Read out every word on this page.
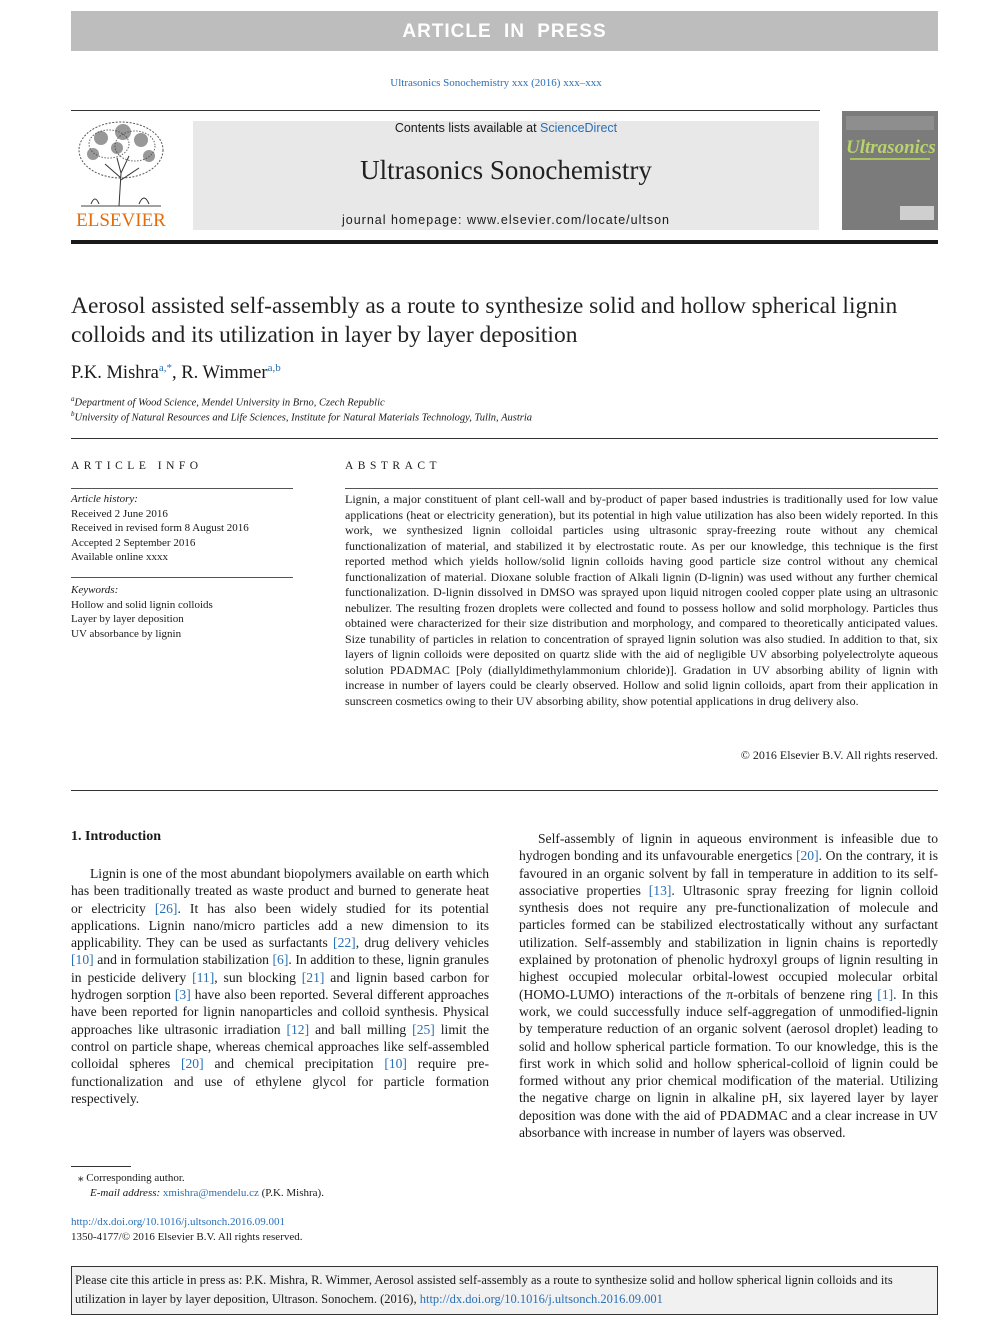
ARTICLE IN PRESS
Ultrasonics Sonochemistry xxx (2016) xxx–xxx
ELSEVIER
Contents lists available at ScienceDirect
Ultrasonics Sonochemistry
journal homepage: www.elsevier.com/locate/ultson
Ultrasonics
Aerosol assisted self-assembly as a route to synthesize solid and hollow spherical lignin colloids and its utilization in layer by layer deposition
P.K. Mishra$^{a,*}$, R. Wimmer$^{a,b}$
$^a$Department of Wood Science, Mendel University in Brno, Czech Republic
$^b$University of Natural Resources and Life Sciences, Institute for Natural Materials Technology, Tulln, Austria
ARTICLE INFO	ABSTRACT
Article history:
Received 2 June 2016
Received in revised form 8 August 2016
Accepted 2 September 2016
Available online xxxx
Keywords:
Hollow and solid lignin colloids
Layer by layer deposition
UV absorbance by lignin
Lignin, a major constituent of plant cell-wall and by-product of paper based industries is traditionally used for low value applications (heat or electricity generation), but its potential in high value utilization has also been widely reported. In this work, we synthesized lignin colloidal particles using ultrasonic spray-freezing route without any chemical functionalization of material, and stabilized it by electrostatic route. As per our knowledge, this technique is the first reported method which yields hollow/solid lignin colloids having good particle size control without any chemical functionalization of material. Dioxane soluble fraction of Alkali lignin (D-lignin) was used without any further chemical functionalization. D-lignin dissolved in DMSO was sprayed upon liquid nitrogen cooled copper plate using an ultrasonic nebulizer. The resulting frozen droplets were collected and found to possess hollow and solid morphology. Particles thus obtained were characterized for their size distribution and morphology, and compared to theoretically anticipated values. Size tunability of particles in relation to concentration of sprayed lignin solution was also studied. In addition to that, six layers of lignin colloids were deposited on quartz slide with the aid of negligible UV absorbing polyelectrolyte aqueous solution PDADMAC [Poly (diallyldimethylammonium chloride)]. Gradation in UV absorbing ability of lignin with increase in number of layers could be clearly observed. Hollow and solid lignin colloids, apart from their application in sunscreen cosmetics owing to their UV absorbing ability, show potential applications in drug delivery also.
© 2016 Elsevier B.V. All rights reserved.
1. Introduction

Lignin is one of the most abundant biopolymers available on earth which has been traditionally treated as waste product and burned to generate heat or electricity [26]. It has also been widely studied for its potential applications. Lignin nano/micro particles add a new dimension to its applicability. They can be used as surfactants [22], drug delivery vehicles [10] and in formulation stabilization [6]. In addition to these, lignin granules in pesticide delivery [11], sun blocking [21] and lignin based carbon for hydrogen sorption [3] have also been reported. Several different approaches have been reported for lignin nanoparticles and colloid synthesis. Physical approaches like ultrasonic irradiation [12] and ball milling [25] limit the control on particle shape, whereas chemical approaches like self-assembled colloidal spheres [20] and chemical precipitation [10] require pre-functionalization and use of ethylene glycol for particle formation respectively.

Self-assembly of lignin in aqueous environment is infeasible due to hydrogen bonding and its unfavourable energetics [20]. On the contrary, it is favoured in an organic solvent by fall in temperature in addition to its self-associative properties [13]. Ultrasonic spray freezing for lignin colloid synthesis does not require any pre-functionalization of molecule and particles formed can be stabilized electrostatically without any surfactant utilization. Self-assembly and stabilization in lignin chains is reportedly explained by protonation of phenolic hydroxyl groups of lignin resulting in highest occupied molecular orbital-lowest occupied molecular orbital (HOMO-LUMO) interactions of the π-orbitals of benzene ring [1]. In this work, we could successfully induce self-aggregation of unmodified-lignin by temperature reduction of an organic solvent (aerosol droplet) leading to solid and hollow spherical particle formation. To our knowledge, this is the first work in which solid and hollow spherical-colloid of lignin could be formed without any prior chemical modification of the material. Utilizing the negative charge on lignin in alkaline pH, six layered layer by layer deposition was done with the aid of PDADMAC and a clear increase in UV absorbance with increase in number of layers was observed.

⁎ Corresponding author.
E-mail address: xmishra@mendelu.cz (P.K. Mishra).
http://dx.doi.org/10.1016/j.ultsonch.2016.09.001
1350-4177/© 2016 Elsevier B.V. All rights reserved.
Please cite this article in press as: P.K. Mishra, R. Wimmer, Aerosol assisted self-assembly as a route to synthesize solid and hollow spherical lignin colloids and its utilization in layer by layer deposition, Ultrason. Sonochem. (2016), http://dx.doi.org/10.1016/j.ultsonch.2016.09.001
